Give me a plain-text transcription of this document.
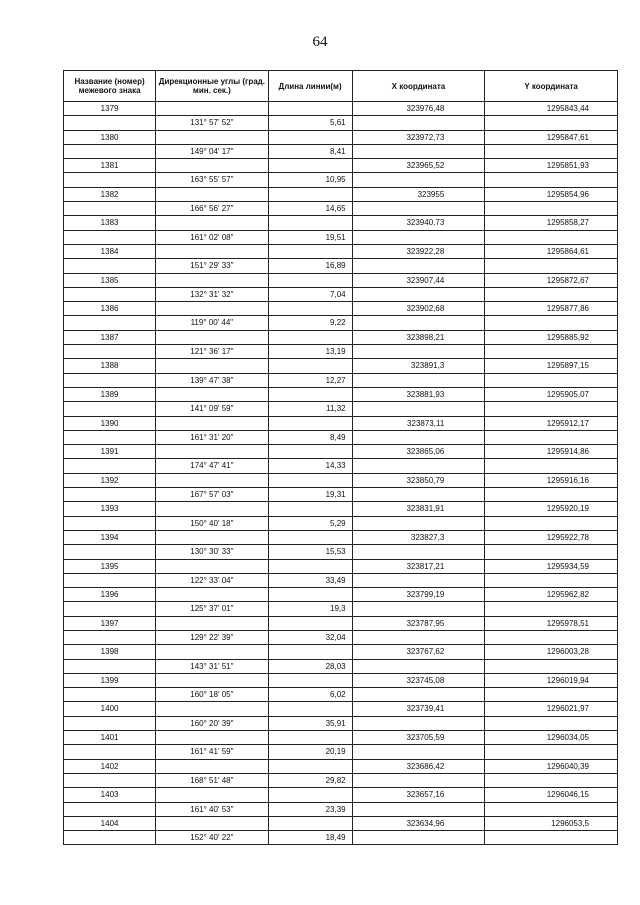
64
Название (номер) межевого знака	Дирекционные углы (град. мин. сек.)	Длина линии(м)	X координата	Y координата
1379			323976,48	1295843,44
	131° 57' 52"	5,61		
1380			323972,73	1295847,61
	149° 04' 17"	8,41		
1381			323965,52	1295851,93
	163° 55' 57"	10,95		
1382			323955	1295854,96
	166° 56' 27"	14,65		
1383			323940,73	1295858,27
	161° 02' 08"	19,51		
1384			323922,28	1295864,61
	151° 29' 33"	16,89		
1385			323907,44	1295872,67
	132° 31' 32"	7,04		
1386			323902,68	1295877,86
	119° 00' 44"	9,22		
1387			323898,21	1295885,92
	121° 36' 17"	13,19		
1388			323891,3	1295897,15
	139° 47' 38"	12,27		
1389			323881,93	1295905,07
	141° 09' 59"	11,32		
1390			323873,11	1295912,17
	161° 31' 20"	8,49		
1391			323865,06	1295914,86
	174° 47' 41"	14,33		
1392			323850,79	1295916,16
	167° 57' 03"	19,31		
1393			323831,91	1295920,19
	150° 40' 18"	5,29		
1394			323827,3	1295922,78
	130° 30' 33"	15,53		
1395			323817,21	1295934,59
	122° 33' 04"	33,49		
1396			323799,19	1295962,82
	125° 37' 01"	19,3		
1397			323787,95	1295978,51
	129° 22' 39"	32,04		
1398			323767,62	1296003,28
	143° 31' 51"	28,03		
1399			323745,08	1296019,94
	160° 18' 05"	6,02		
1400			323739,41	1296021,97
	160° 20' 39"	35,91		
1401			323705,59	1296034,05
	161° 41' 59"	20,19		
1402			323686,42	1296040,39
	168° 51' 48"	29,82		
1403			323657,16	1296046,15
	161° 40' 53"	23,39		
1404			323634,96	1296053,5
	152° 40' 22"	18,49		
